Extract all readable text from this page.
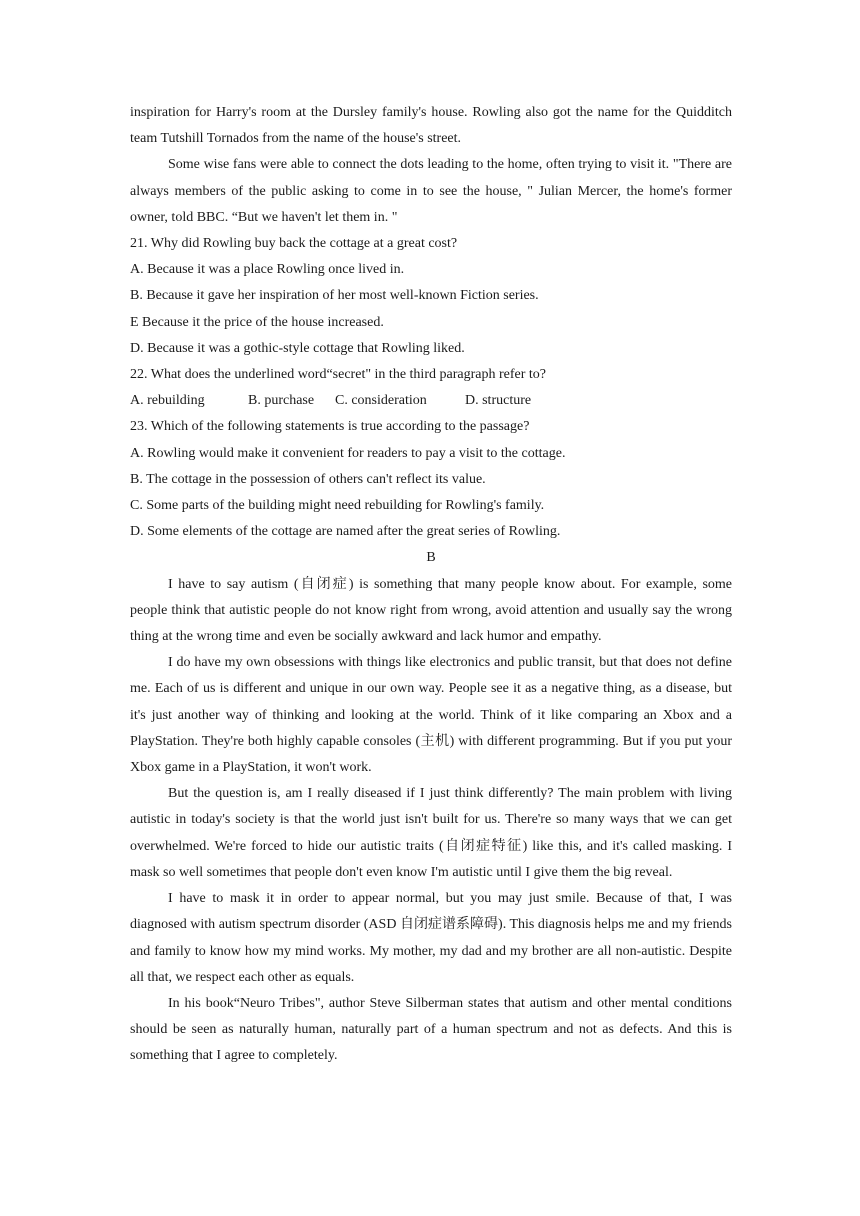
inspiration for Harry's room at the Dursley family's house. Rowling also got the name for the Quidditch team Tutshill Tornados from the name of the house's street.

Some wise fans were able to connect the dots leading to the home, often trying to visit it. "There are always members of the public asking to come in to see the house, " Julian Mercer, the home's former owner, told BBC. “But we haven't let them in. "

21. Why did Rowling buy back the cottage at a great cost?

A. Because it was a place Rowling once lived in.

B. Because it gave her inspiration of her most well-known Fiction series.

E Because it the price of the house increased.

D. Because it was a gothic-style cottage that Rowling liked.

22. What does the underlined word“secret" in the third paragraph refer to?

A. rebuilding	B. purchase C. consideration	D. structure

23. Which of the following statements is true according to the passage?

A. Rowling would make it convenient for readers to pay a visit to the cottage.

B. The cottage in the possession of others can't reflect its value.

C. Some parts of the building might need rebuilding for Rowling's family.

D. Some elements of the cottage are named after the great series of Rowling.

B

I have to say autism (自闭症) is something that many people know about. For example, some people think that autistic people do not know right from wrong, avoid attention and usually say the wrong thing at the wrong time and even be socially awkward and lack humor and empathy.

I do have my own obsessions with things like electronics and public transit, but that does not define me. Each of us is different and unique in our own way. People see it as a negative thing, as a disease, but it's just another way of thinking and looking at the world. Think of it like comparing an Xbox and a PlayStation. They're both highly capable consoles (主机) with different programming. But if you put your Xbox game in a PlayStation, it won't work.

But the question is, am I really diseased if I just think differently? The main problem with living autistic in today's society is that the world just isn't built for us. There're so many ways that we can get overwhelmed. We're forced to hide our autistic traits (自闭症特征) like this, and it's called masking. I mask so well sometimes that people don't even know I'm autistic until I give them the big reveal.

I have to mask it in order to appear normal, but you may just smile. Because of that, I was diagnosed with autism spectrum disorder (ASD 自闭症谱系障碍). This diagnosis helps me and my friends and family to know how my mind works. My mother, my dad and my brother are all non-autistic. Despite all that, we respect each other as equals.

In his book“Neuro Tribes", author Steve Silberman states that autism and other mental conditions should be seen as naturally human, naturally part of a human spectrum and not as defects. And this is something that I agree to completely.
